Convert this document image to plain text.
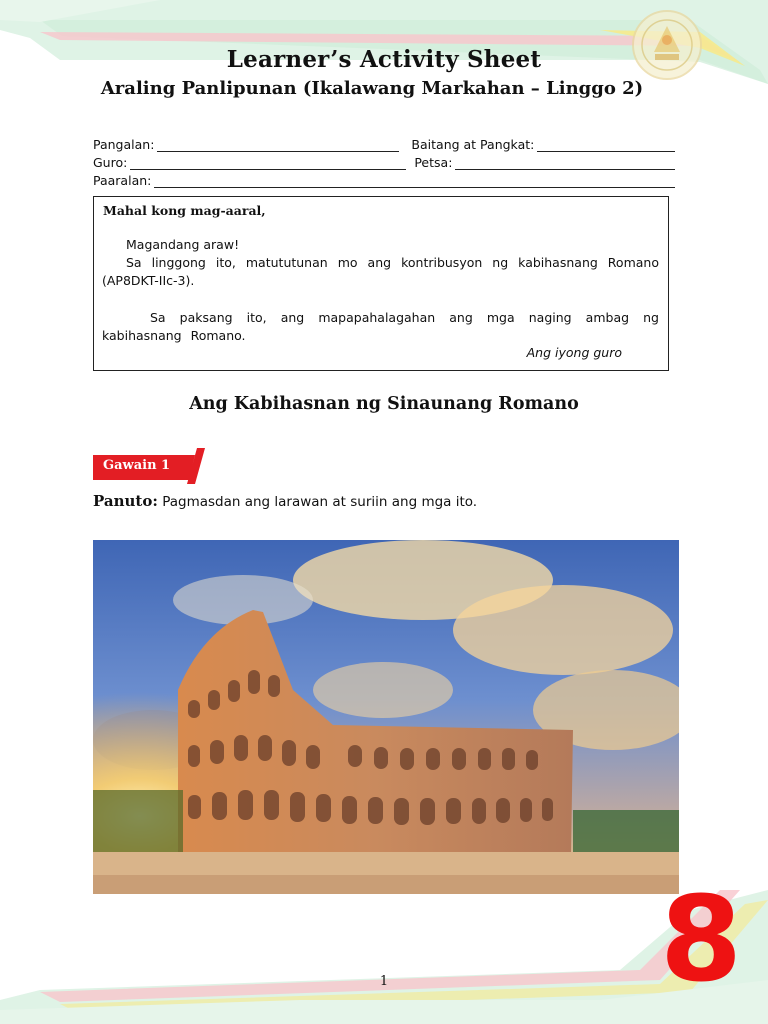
Learner’s Activity Sheet
Araling Panlipunan (Ikalawang Markahan – Linggo 2)
Pangalan:	Baitang at Pangkat:
Guro:	Petsa:
Paaralan:
Mahal kong mag-aaral,
Magandang araw!
Sa linggong ito, matututunan mo ang kontribusyon ng kabihasnang Romano (AP8DKT-IIc-3).
Sa paksang ito, ang mapapahalagahan ang mga naging ambag ng kabihasnang Romano.
Ang iyong guro
Ang Kabihasnan ng Sinaunang Romano
Gawain 1
Panuto: Pagmasdan ang larawan at suriin ang mga ito.
1	8
